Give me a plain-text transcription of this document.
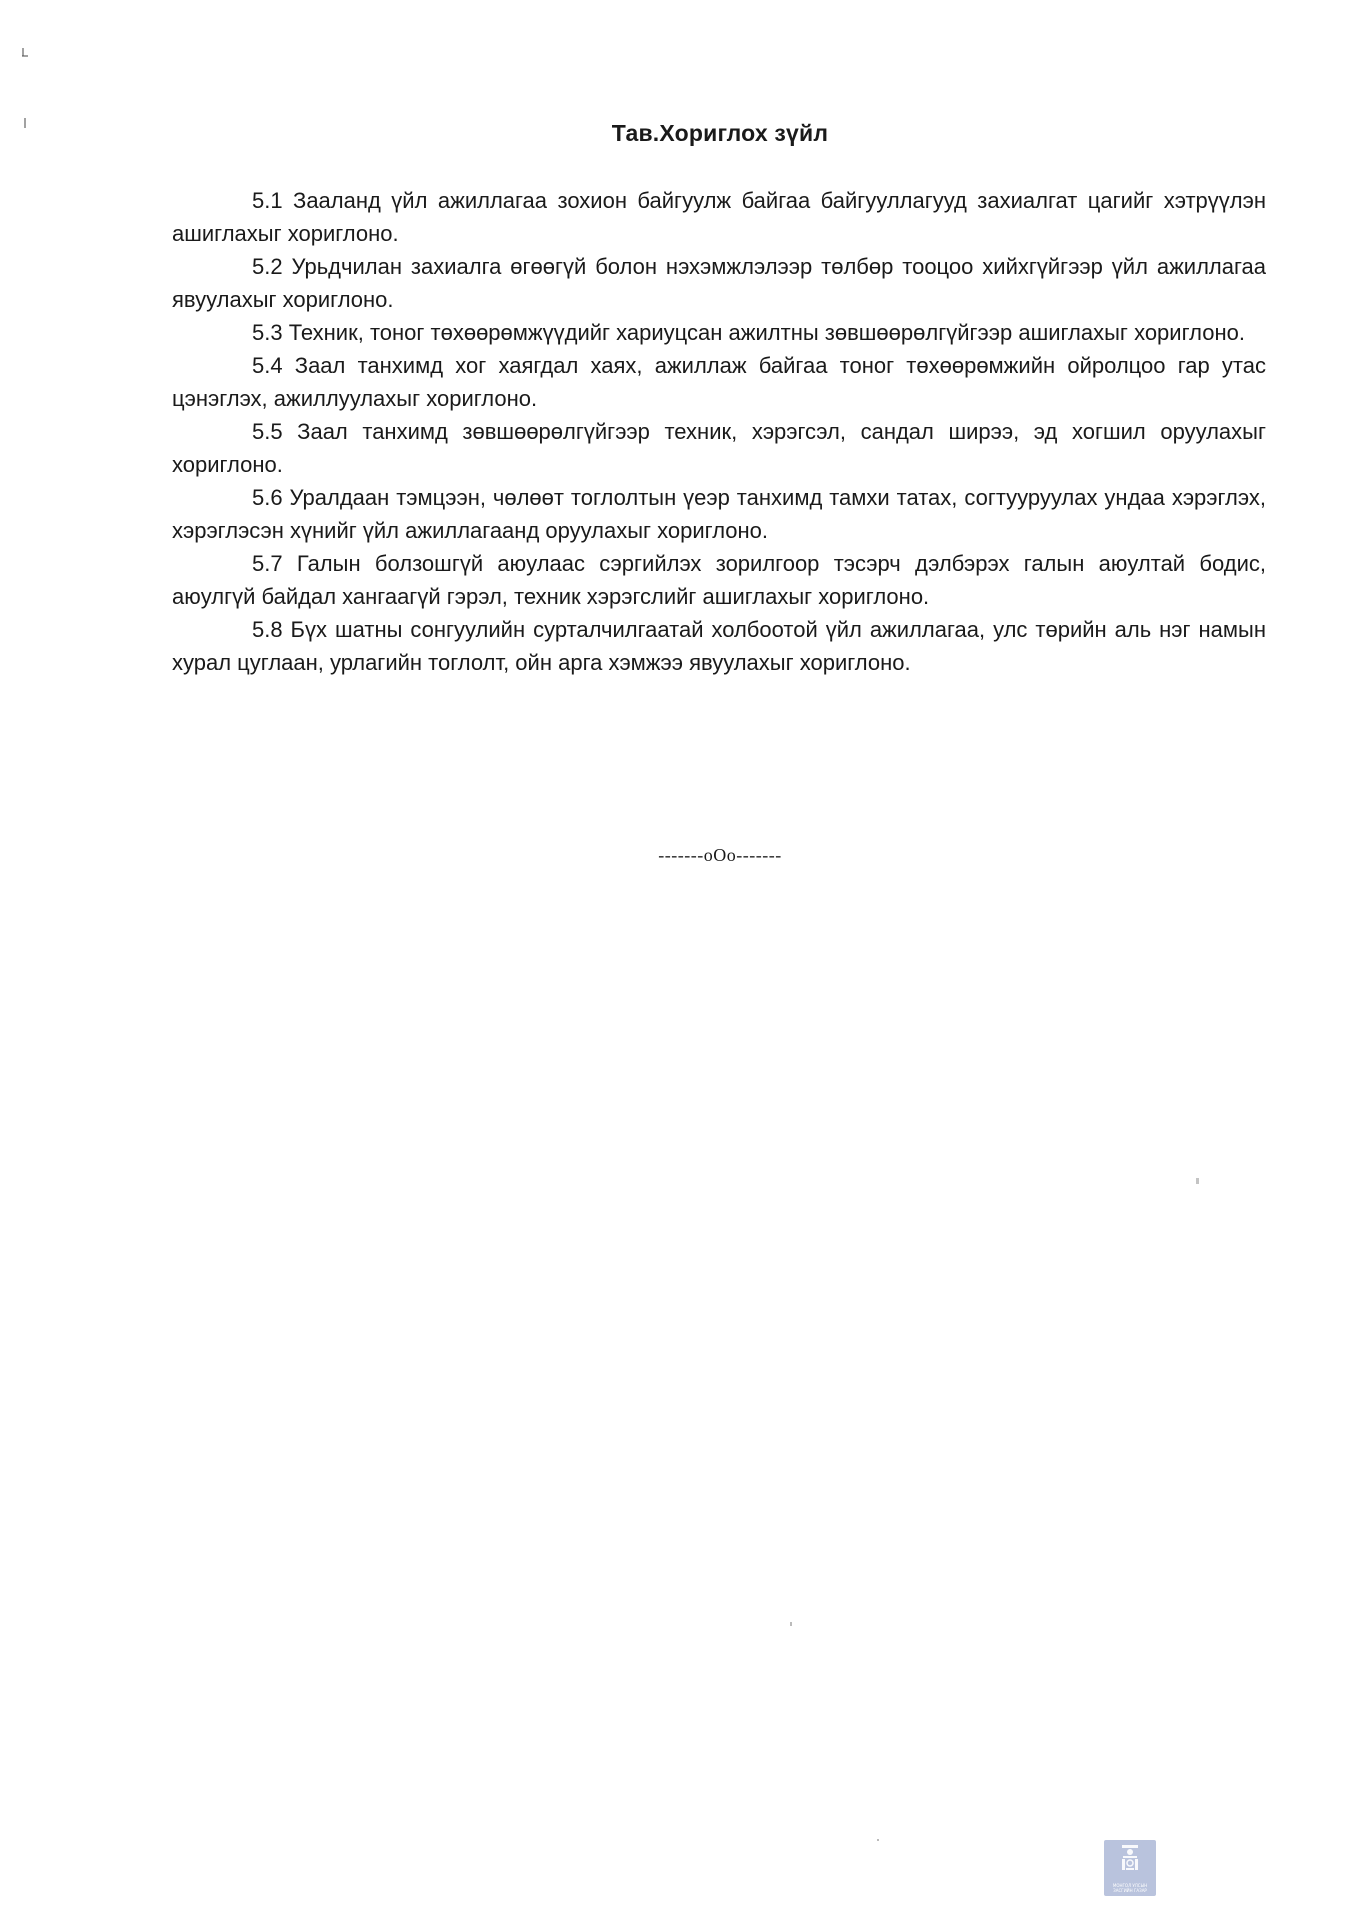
Тав.Хориглох зүйл

5.1 Зааланд үйл ажиллагаа зохион байгуулж байгаа байгууллагууд захиалгат цагийг хэтрүүлэн ашиглахыг хориглоно.

5.2 Урьдчилан захиалга өгөөгүй болон нэхэмжлэлээр төлбөр тооцоо хийхгүйгээр үйл ажиллагаа явуулахыг хориглоно.

5.3 Техник, тоног төхөөрөмжүүдийг хариуцсан ажилтны зөвшөөрөлгүйгээр ашиглахыг хориглоно.

5.4 Заал танхимд хог хаягдал хаях, ажиллаж байгаа тоног төхөөрөмжийн ойролцоо гар утас цэнэглэх, ажиллуулахыг хориглоно.

5.5 Заал танхимд зөвшөөрөлгүйгээр техник, хэрэгсэл, сандал ширээ, эд хогшил оруулахыг хориглоно.

5.6 Уралдаан тэмцээн, чөлөөт тоглолтын үеэр танхимд тамхи татах, согтууруулах ундаа хэрэглэх, хэрэглэсэн хүнийг үйл ажиллагаанд оруулахыг хориглоно.

5.7 Галын болзошгүй аюулаас сэргийлэх зорилгоор тэсэрч дэлбэрэх галын аюултай бодис, аюулгүй байдал хангаагүй гэрэл, техник хэрэгслийг ашиглахыг хориглоно.

5.8 Бүх шатны сонгуулийн сурталчилгаатай холбоотой үйл ажиллагаа, улс төрийн аль нэг намын хурал цуглаан, урлагийн тоглолт, ойн арга хэмжээ явуулахыг хориглоно.

-------oOo-------
МОНГОЛ УЛСЫН
ЗАСГИЙН ГАЗАР
